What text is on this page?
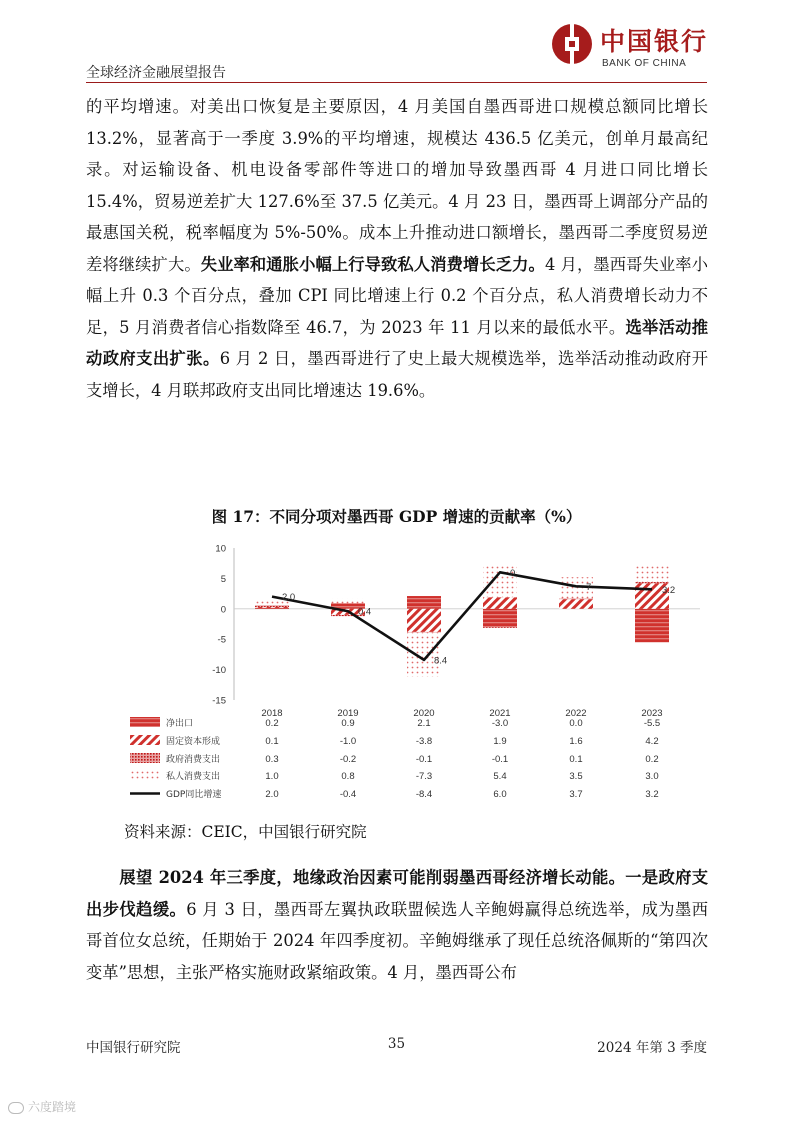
中国银行
BANK OF CHINA
全球经济金融展望报告
的平均增速。对美出口恢复是主要原因，4 月美国自墨西哥进口规模总额同比增长 13.2%，显著高于一季度 3.9%的平均增速，规模达 436.5 亿美元，创单月最高纪录。对运输设备、机电设备零部件等进口的增加导致墨西哥 4 月进口同比增长 15.4%，贸易逆差扩大 127.6%至 37.5 亿美元。4 月 23 日，墨西哥上调部分产品的最惠国关税，税率幅度为 5%-50%。成本上升推动进口额增长，墨西哥二季度贸易逆差将继续扩大。失业率和通胀小幅上行导致私人消费增长乏力。4 月，墨西哥失业率小幅上升 0.3 个百分点，叠加 CPI 同比增速上行 0.2 个百分点，私人消费增长动力不足，5 月消费者信心指数降至 46.7，为 2023 年 11 月以来的最低水平。选举活动推动政府支出扩张。6 月 2 日，墨西哥进行了史上最大规模选举，选举活动推动政府开支增长，4 月联邦政府支出同比增速达 19.6%。
图 17：不同分项对墨西哥 GDP 增速的贡献率（%）
10
5
0
-5
-10
-15
2018	2019	2020	2021	2022	2023
2.0
0.4
8.4
0
7	3.2
净出口	0.2	0.9	2.1	-3.0	0.0	-5.5
固定资本形成	0.1	-1.0	-3.8	1.9	1.6	4.2
政府消费支出	0.3	-0.2	-0.1	-0.1	0.1	0.2
私人消费支出	1.0	0.8	-7.3	5.4	3.5	3.0
GDP同比增速	2.0	-0.4	-8.4	6.0	3.7	3.2
资料来源：CEIC，中国银行研究院
展望 2024 年三季度，地缘政治因素可能削弱墨西哥经济增长动能。一是政府支出步伐趋缓。6 月 3 日，墨西哥左翼执政联盟候选人辛鲍姆赢得总统选举，成为墨西哥首位女总统，任期始于 2024 年四季度初。辛鲍姆继承了现任总统洛佩斯的“第四次变革”思想，主张严格实施财政紧缩政策。4 月，墨西哥公布
中国银行研究院	35	2024 年第 3 季度
六度踏境
